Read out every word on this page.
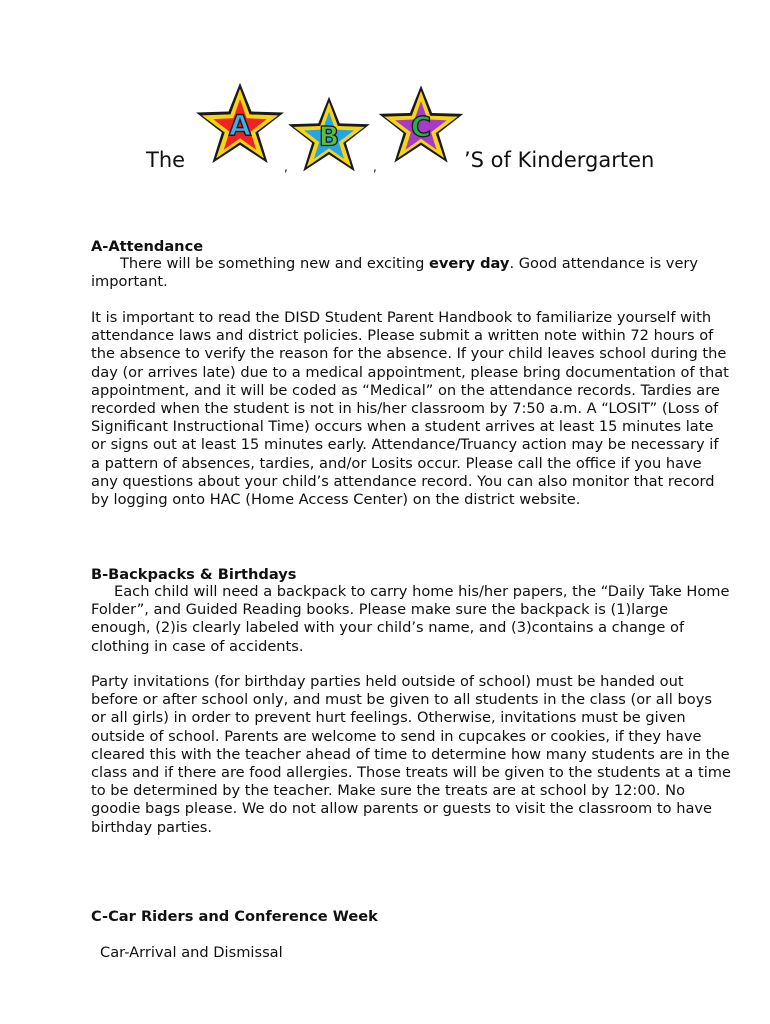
The
A
,
B
,
C
’S of Kindergarten
A-Attendance

There will be something new and exciting every day. Good attendance is very important.

It is important to read the DISD Student Parent Handbook to familiarize yourself with attendance laws and district policies. Please submit a written note within 72 hours of the absence to verify the reason for the absence. If your child leaves school during the day (or arrives late) due to a medical appointment, please bring documentation of that appointment, and it will be coded as “Medical” on the attendance records. Tardies are recorded when the student is not in his/her classroom by 7:50 a.m. A “LOSIT” (Loss of Significant Instructional Time) occurs when a student arrives at least 15 minutes late or signs out at least 15 minutes early. Attendance/Truancy action may be necessary if a pattern of absences, tardies, and/or Losits occur. Please call the office if you have any questions about your child’s attendance record. You can also monitor that record by logging onto HAC (Home Access Center) on the district website.
B-Backpacks & Birthdays
Each child will need a backpack to carry home his/her papers, the “Daily Take Home Folder”, and Guided Reading books. Please make sure the backpack is (1)large enough, (2)is clearly labeled with your child’s name, and (3)contains a change of clothing in case of accidents.
Party invitations (for birthday parties held outside of school) must be handed out before or after school only, and must be given to all students in the class (or all boys or all girls) in order to prevent hurt feelings. Otherwise, invitations must be given outside of school. Parents are welcome to send in cupcakes or cookies, if they have cleared this with the teacher ahead of time to determine how many students are in the class and if there are food allergies. Those treats will be given to the students at a time to be determined by the teacher. Make sure the treats are at school by 12:00. No goodie bags please. We do not allow parents or guests to visit the classroom to have birthday parties.
C-Car Riders and Conference Week
Car-Arrival and Dismissal
